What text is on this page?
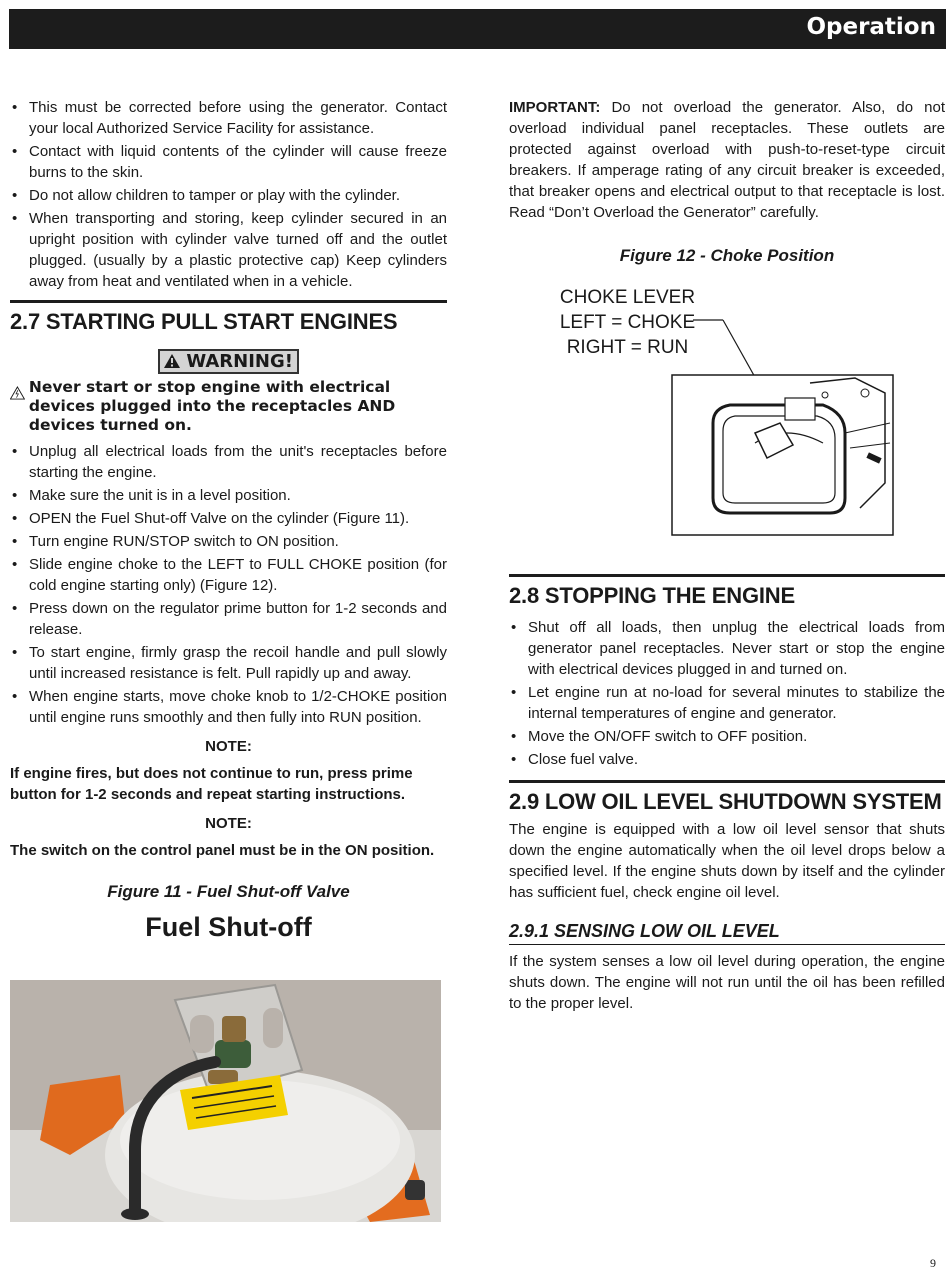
Operation
• This must be corrected before using the generator. Contact your local Authorized Service Facility for assistance.
• Contact with liquid contents of the cylinder will cause freeze burns to the skin.
• Do not allow children to tamper or play with the cylinder.
• When transporting and storing, keep cylinder secured in an upright position with cylinder valve turned off and the outlet plugged. (usually by a plastic protective cap) Keep cylinders away from heat and ventilated when in a vehicle.
2.7 STARTING PULL START ENGINES
WARNING!
Never start or stop engine with electrical devices plugged into the receptacles AND devices turned on.
• Unplug all electrical loads from the unit's receptacles before starting the engine.
• Make sure the unit is in a level position.
• OPEN the Fuel Shut-off Valve on the cylinder (Figure 11).
• Turn engine RUN/STOP switch to ON position.
• Slide engine choke to the LEFT to FULL CHOKE position (for cold engine starting only) (Figure 12).
• Press down on the regulator prime button for 1-2 seconds and release.
• To start engine, firmly grasp the recoil handle and pull slowly until increased resistance is felt. Pull rapidly up and away.
• When engine starts, move choke knob to 1/2-CHOKE position until engine runs smoothly and then fully into RUN position.
NOTE:

If engine fires, but does not continue to run, press prime button for 1-2 seconds and repeat starting instructions.

NOTE:

The switch on the control panel must be in the ON position.

Figure 11 - Fuel Shut-off Valve
Fuel Shut-off

IMPORTANT: Do not overload the generator. Also, do not overload individual panel receptacles. These outlets are protected against overload with push-to-reset-type circuit breakers. If amperage rating of any circuit breaker is exceeded, that breaker opens and electrical output to that receptacle is lost. Read “Don’t Overload the Generator” carefully.

Figure 12 - Choke Position
CHOKE LEVER
LEFT = CHOKE
RIGHT = RUN
2.8 STOPPING THE ENGINE
• Shut off all loads, then unplug the electrical loads from generator panel receptacles. Never start or stop the engine with electrical devices plugged in and turned on.
• Let engine run at no-load for several minutes to stabilize the internal temperatures of engine and generator.
• Move the ON/OFF switch to OFF position.
• Close fuel valve.
2.9 LOW OIL LEVEL SHUTDOWN SYSTEM

The engine is equipped with a low oil level sensor that shuts down the engine automatically when the oil level drops below a specified level. If the engine shuts down by itself and the cylinder has sufficient fuel, check engine oil level.

2.9.1 SENSING LOW OIL LEVEL

If the system senses a low oil level during operation, the engine shuts down. The engine will not run until the oil has been refilled to the proper level.

9
